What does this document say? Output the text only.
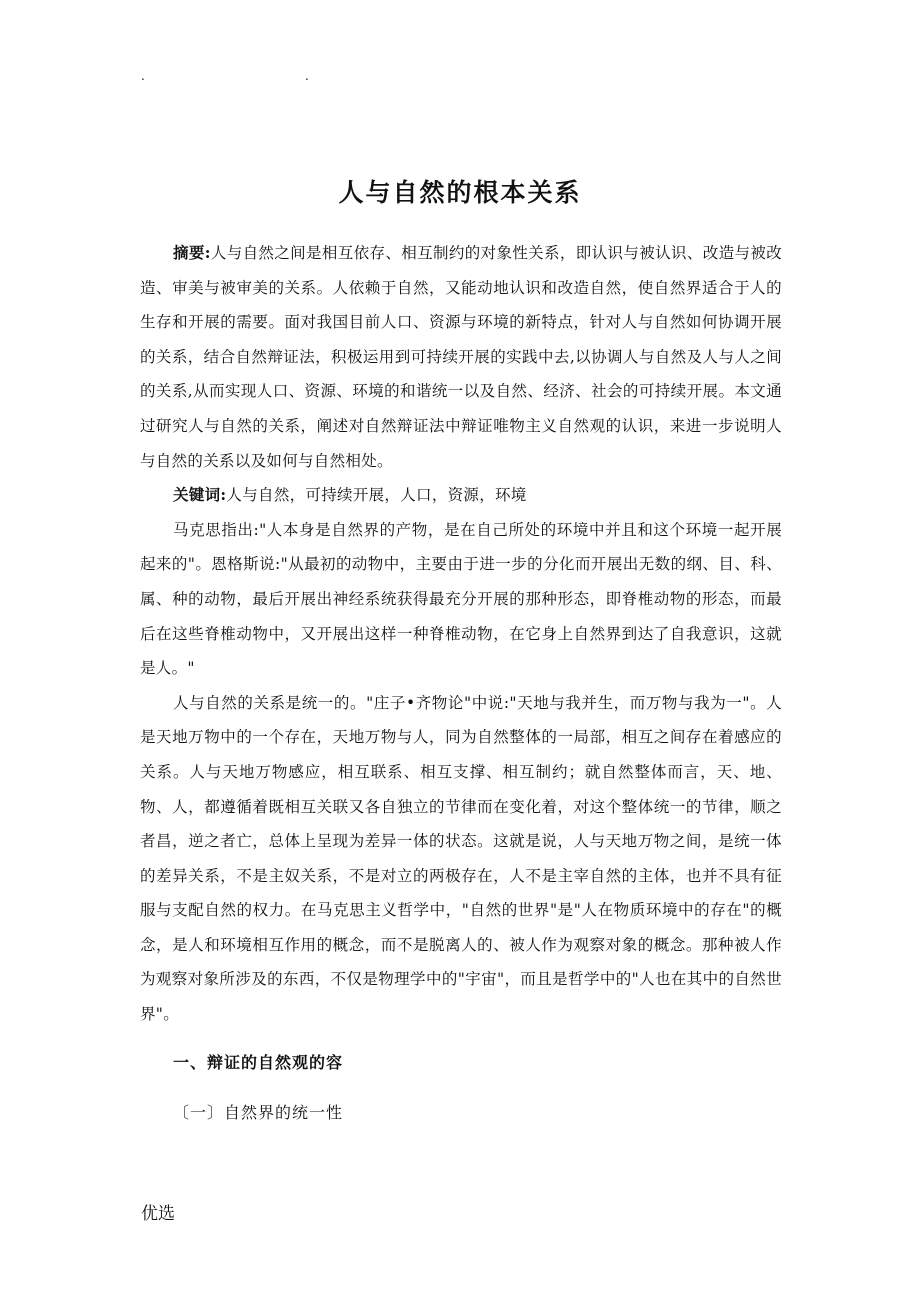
.	.
人与自然的根本关系

摘要:人与自然之间是相互依存、相互制约的对象性关系，即认识与被认识、改造与被改造、审美与被审美的关系。人依赖于自然，又能动地认识和改造自然，使自然界适合于人的生存和开展的需要。面对我国目前人口、资源与环境的新特点，针对人与自然如何协调开展的关系，结合自然辩证法，积极运用到可持续开展的实践中去,以协调人与自然及人与人之间的关系,从而实现人口、资源、环境的和谐统一以及自然、经济、社会的可持续开展。本文通过研究人与自然的关系，阐述对自然辩证法中辩证唯物主义自然观的认识，来进一步说明人与自然的关系以及如何与自然相处。

关键词:人与自然，可持续开展，人口，资源，环境

马克思指出:"人本身是自然界的产物，是在自己所处的环境中并且和这个环境一起开展起来的"。恩格斯说:"从最初的动物中，主要由于进一步的分化而开展出无数的纲、目、科、属、种的动物，最后开展出神经系统获得最充分开展的那种形态，即脊椎动物的形态，而最后在这些脊椎动物中，又开展出这样一种脊椎动物，在它身上自然界到达了自我意识，这就是人。"

人与自然的关系是统一的。"庄子•齐物论"中说:"天地与我并生，而万物与我为一"。人是天地万物中的一个存在，天地万物与人，同为自然整体的一局部，相互之间存在着感应的关系。人与天地万物感应，相互联系、相互支撑、相互制约；就自然整体而言，天、地、物、人，都遵循着既相互关联又各自独立的节律而在变化着，对这个整体统一的节律，顺之者昌，逆之者亡，总体上呈现为差异一体的状态。这就是说，人与天地万物之间，是统一体的差异关系，不是主奴关系，不是对立的两极存在，人不是主宰自然的主体，也并不具有征服与支配自然的权力。在马克思主义哲学中，"自然的世界"是"人在物质环境中的存在"的概念，是人和环境相互作用的概念，而不是脱离人的、被人作为观察对象的概念。那种被人作为观察对象所涉及的东西，不仅是物理学中的"宇宙"，而且是哲学中的"人也在其中的自然世界"。

一、辩证的自然观的容
〔一〕自然界的统一性
优选
